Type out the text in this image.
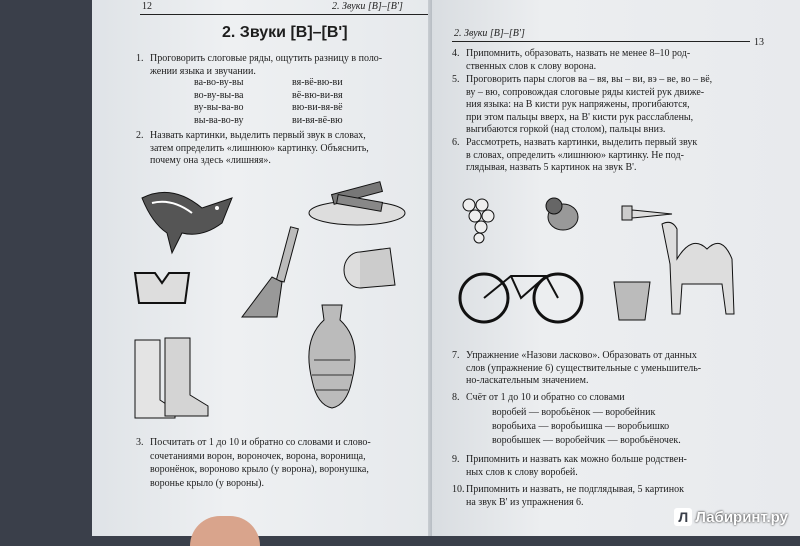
2. Звуки [В]–[В']
12
2. Звуки [В]–[В']
1. Проговорить слоговые ряды, ощутить разницу в поло-
жении языка и звучании.
ва-во-ву-вы
во-ву-вы-ва
ву-вы-ва-во
вы-ва-во-ву
вя-вё-вю-ви
вё-вю-ви-вя
вю-ви-вя-вё
ви-вя-вё-вю
2. Назвать картинки, выделить первый звук в словах,
затем определить «лишнюю» картинку. Объяснить,
почему она здесь «лишняя».
3. Посчитать от 1 до 10 и обратно со словами и слово-
сочетаниями ворон, вороночек, ворона, воронища,
воронёнок, вороново крыло (у ворона), воронушка,
воронье крыло (у вороны).
2. Звуки [В]–[В']
13
4. Припомнить, образовать, назвать не менее 8–10 род-
ственных слов к слову ворона.
5. Проговорить пары слогов ва – вя, вы – ви, вэ – ве, во – вё,
ву – вю, сопровождая слоговые ряды кистей рук движе-
ния языка: на В кисти рук напряжены, прогибаются,
при этом пальцы вверх, на В' кисти рук расслаблены,
выгибаются горкой (над столом), пальцы вниз.
6. Рассмотреть, назвать картинки, выделить первый звук
в словах, определить «лишнюю» картинку. Не под-
глядывая, назвать 5 картинок на звук В'.

7. Упражнение «Назови ласково». Образовать от данных
слов (упражнение 6) существительные с уменьшитель-
но-ласкательным значением.
8. Счёт от 1 до 10 и обратно со словами
воробей — воробьёнок — воробейник
воробьиха — воробьишка — воробьишко
воробышек — воробейчик — воробьёночек.
9. Припомнить и назвать как можно больше родствен-
ных слов к слову воробей.
10. Припомнить и назвать, не подглядывая, 5 картинок
на звук В' из упражнения 6.
Л Лабиринт.ру
